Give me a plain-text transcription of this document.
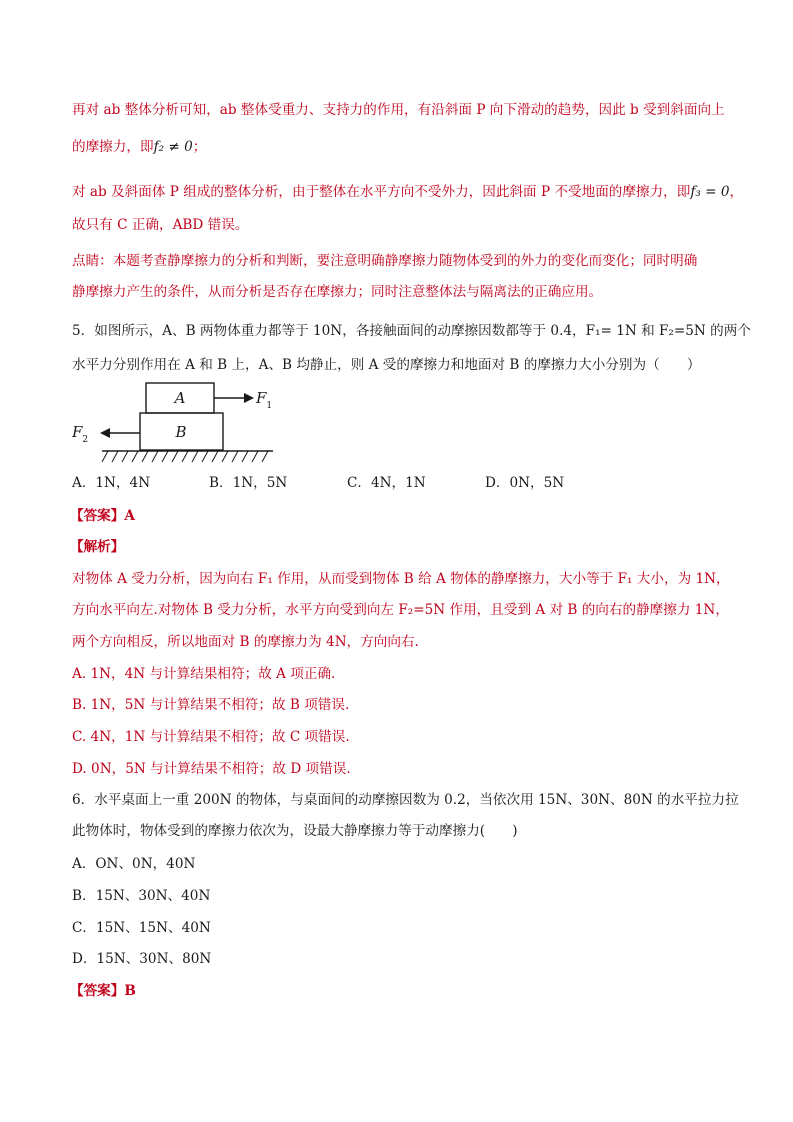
再对 ab 整体分析可知，ab 整体受重力、支持力的作用，有沿斜面 P 向下滑动的趋势，因此 b 受到斜面向上

的摩擦力，即f₂ ≠ 0；

对 ab 及斜面体 P 组成的整体分析，由于整体在水平方向不受外力，因此斜面 P 不受地面的摩擦力，即f₃ = 0，

故只有 C 正确，ABD 错误。

点睛：本题考查静摩擦力的分析和判断，要注意明确静摩擦力随物体受到的外力的变化而变化；同时明确

静摩擦力产生的条件，从而分析是否存在摩擦力；同时注意整体法与隔离法的正确应用。

5．如图所示，A、B 两物体重力都等于 10N，各接触面间的动摩擦因数都等于 0.4，F₁= 1N 和 F₂=5N 的两个

水平力分别作用在 A 和 B 上，A、B 均静止，则 A 受的摩擦力和地面对 B 的摩擦力大小分别为（　　）

A
B
$F_1$
$F_2$
A．1N，4N	B．1N，5N	C．4N，1N	D．0N，5N

【答案】A

【解析】

对物体 A 受力分析，因为向右 F₁ 作用，从而受到物体 B 给 A 物体的静摩擦力，大小等于 F₁ 大小，为 1N，

方向水平向左.对物体 B 受力分析，水平方向受到向左 F₂=5N 作用，且受到 A 对 B 的向右的静摩擦力 1N，

两个方向相反，所以地面对 B 的摩擦力为 4N，方向向右.

A. 1N，4N 与计算结果相符；故 A 项正确.

B. 1N，5N 与计算结果不相符；故 B 项错误.

C. 4N，1N 与计算结果不相符；故 C 项错误.

D. 0N，5N 与计算结果不相符；故 D 项错误.

6．水平桌面上一重 200N 的物体，与桌面间的动摩擦因数为 0.2，当依次用 15N、30N、80N 的水平拉力拉

此物体时，物体受到的摩擦力依次为，设最大静摩擦力等于动摩擦力(　　)

A．ON、0N，40N

B．15N、30N、40N

C．15N、15N、40N

D．15N、30N、80N

【答案】B
